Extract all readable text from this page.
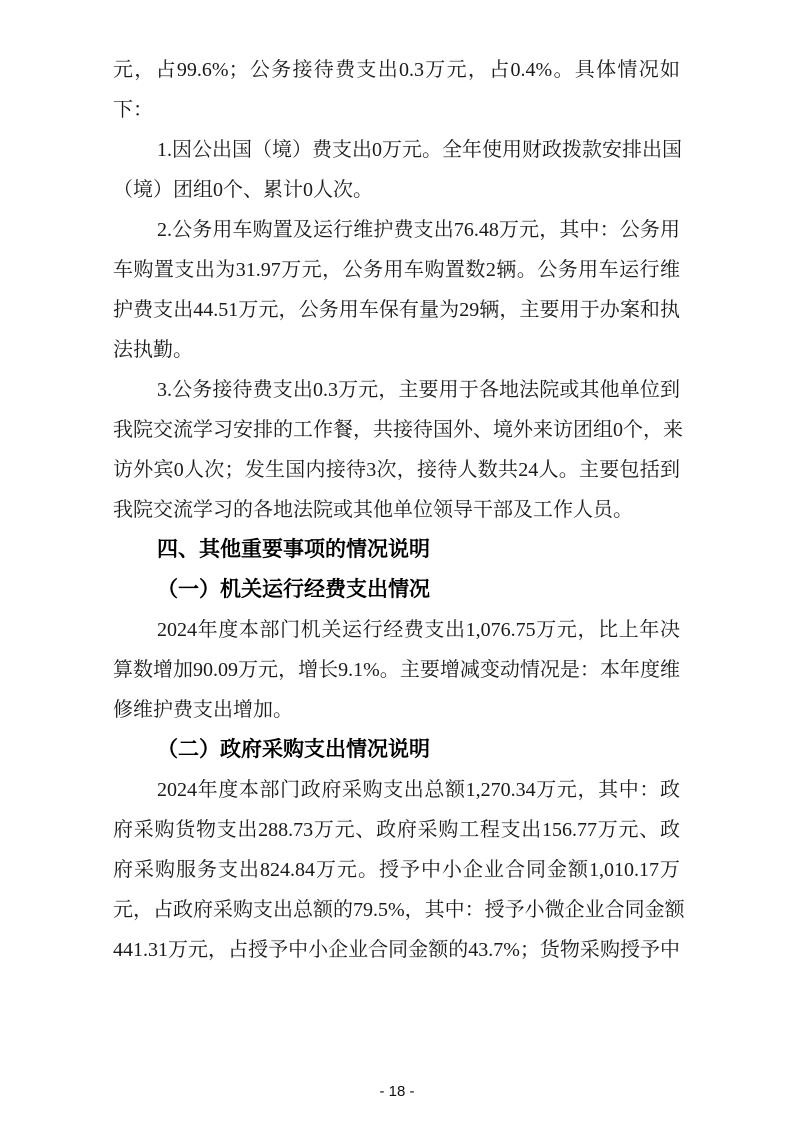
元，占99.6%；公务接待费支出0.3万元，占0.4%。具体情况如
下：
1.因公出国（境）费支出0万元。全年使用财政拨款安排出国
（境）团组0个、累计0人次。
2.公务用车购置及运行维护费支出76.48万元，其中：公务用
车购置支出为31.97万元，公务用车购置数2辆。公务用车运行维
护费支出44.51万元，公务用车保有量为29辆，主要用于办案和执
法执勤。
3.公务接待费支出0.3万元，主要用于各地法院或其他单位到
我院交流学习安排的工作餐，共接待国外、境外来访团组0个，来
访外宾0人次；发生国内接待3次，接待人数共24人。主要包括到
我院交流学习的各地法院或其他单位领导干部及工作人员。
四、其他重要事项的情况说明
（一）机关运行经费支出情况
2024年度本部门机关运行经费支出1,076.75万元，比上年决
算数增加90.09万元，增长9.1%。主要增减变动情况是：本年度维
修维护费支出增加。
（二）政府采购支出情况说明
2024年度本部门政府采购支出总额1,270.34万元，其中：政
府采购货物支出288.73万元、政府采购工程支出156.77万元、政
府采购服务支出824.84万元。授予中小企业合同金额1,010.17万
元，占政府采购支出总额的79.5%，其中：授予小微企业合同金额
441.31万元，占授予中小企业合同金额的43.7%；货物采购授予中
- 18 -
